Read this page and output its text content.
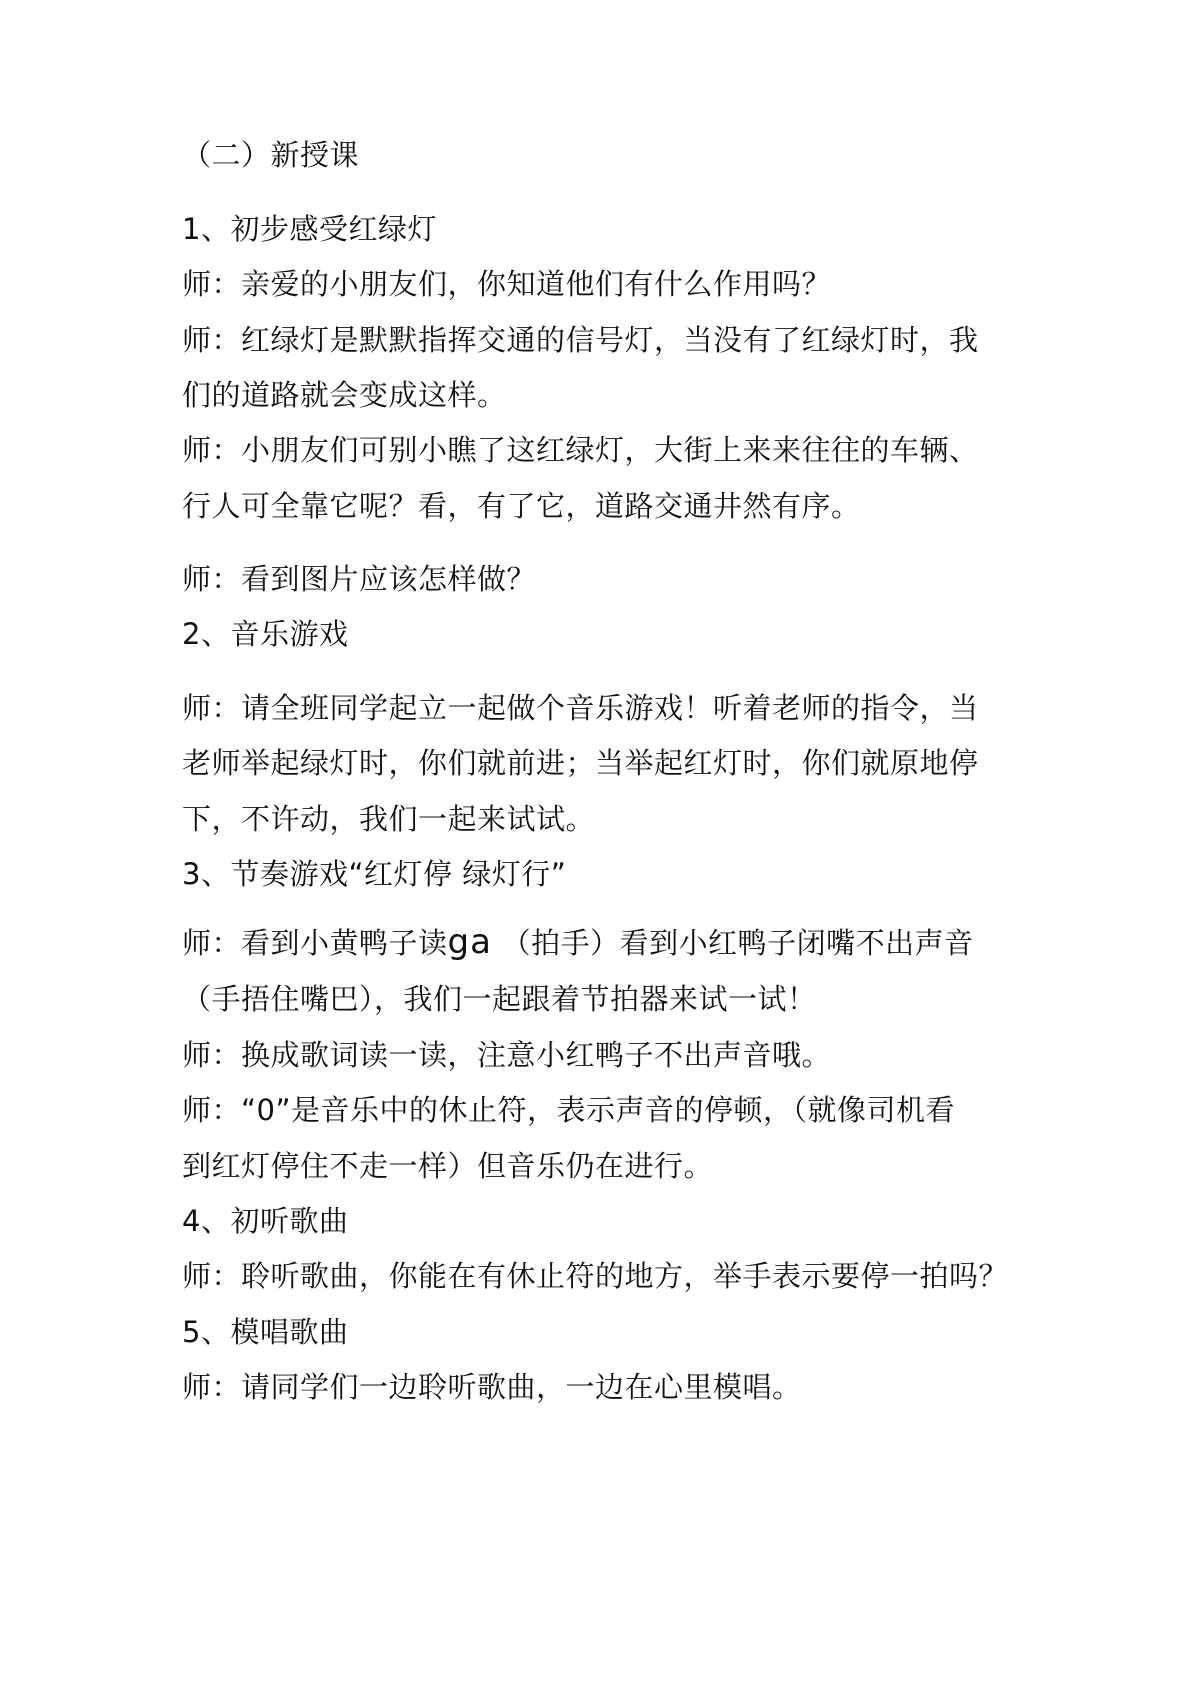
（二）新授课
1、初步感受红绿灯
师：亲爱的小朋友们，你知道他们有什么作用吗？
师：红绿灯是默默指挥交通的信号灯，当没有了红绿灯时，我
们的道路就会变成这样。
师：小朋友们可别小瞧了这红绿灯，大街上来来往往的车辆、
行人可全靠它呢？看，有了它，道路交通井然有序。
师：看到图片应该怎样做？
2、音乐游戏
师：请全班同学起立一起做个音乐游戏！听着老师的指令，当
老师举起绿灯时，你们就前进；当举起红灯时，你们就原地停
下，不许动，我们一起来试试。
3、节奏游戏“红灯停 绿灯行”
师：看到小黄鸭子读ga （拍手）看到小红鸭子闭嘴不出声音
（手捂住嘴巴），我们一起跟着节拍器来试一试！
师：换成歌词读一读，注意小红鸭子不出声音哦。
师：“0”是音乐中的休止符，表示声音的停顿，（就像司机看
到红灯停住不走一样）但音乐仍在进行。
4、初听歌曲
师：聆听歌曲，你能在有休止符的地方，举手表示要停一拍吗？
5、模唱歌曲
师：请同学们一边聆听歌曲，一边在心里模唱。
